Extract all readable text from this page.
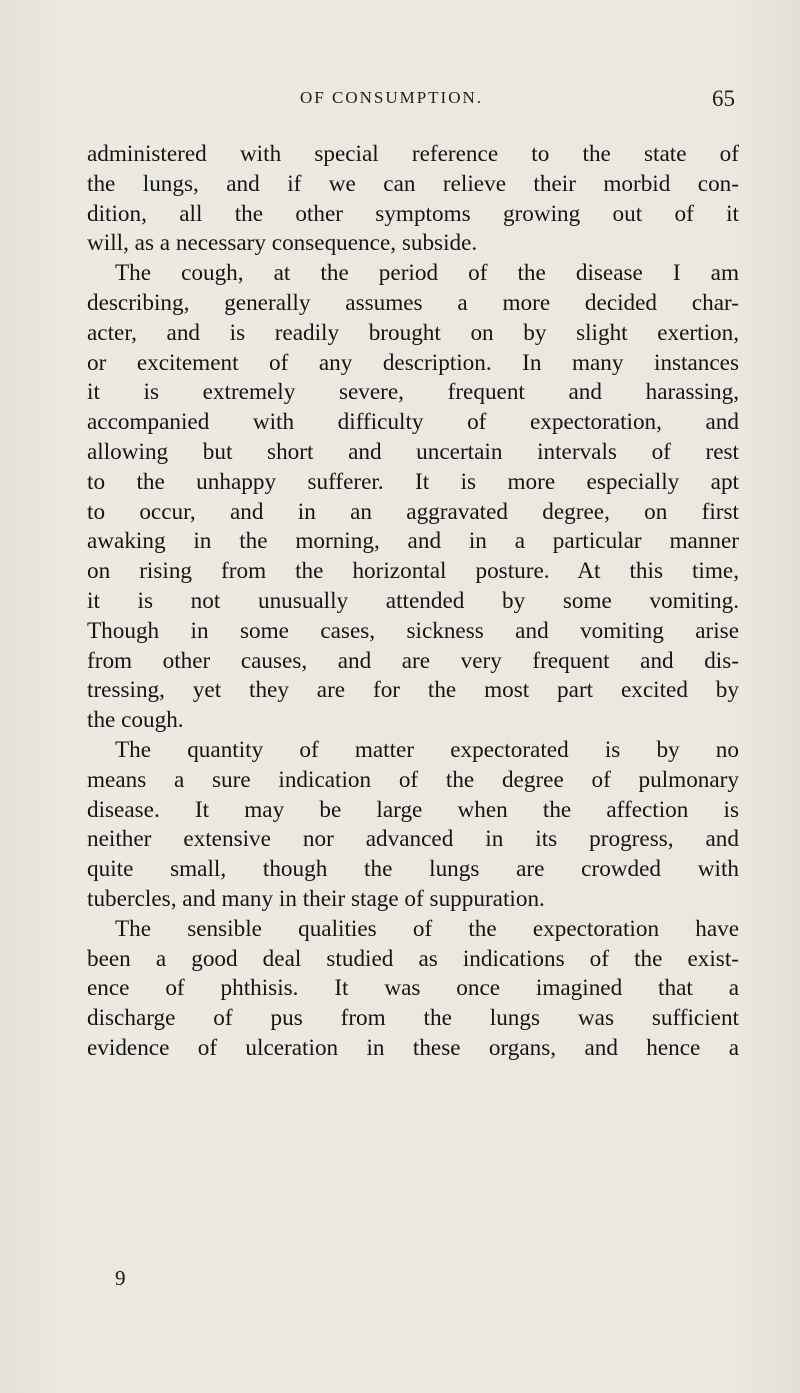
OF CONSUMPTION.	65
administered with special reference to the state of
the lungs, and if we can relieve their morbid con-
dition, all the other symptoms growing out of it
will, as a necessary consequence, subside.
The cough, at the period of the disease I am
describing, generally assumes a more decided char-
acter, and is readily brought on by slight exertion,
or excitement of any description. In many instances
it is extremely severe, frequent and harassing,
accompanied with difficulty of expectoration, and
allowing but short and uncertain intervals of rest
to the unhappy sufferer. It is more especially apt
to occur, and in an aggravated degree, on first
awaking in the morning, and in a particular manner
on rising from the horizontal posture. At this time,
it is not unusually attended by some vomiting.
Though in some cases, sickness and vomiting arise
from other causes, and are very frequent and dis-
tressing, yet they are for the most part excited by
the cough.
The quantity of matter expectorated is by no
means a sure indication of the degree of pulmonary
disease. It may be large when the affection is
neither extensive nor advanced in its progress, and
quite small, though the lungs are crowded with
tubercles, and many in their stage of suppuration.
The sensible qualities of the expectoration have
been a good deal studied as indications of the exist-
ence of phthisis. It was once imagined that a
discharge of pus from the lungs was sufficient
evidence of ulceration in these organs, and hence a
9
